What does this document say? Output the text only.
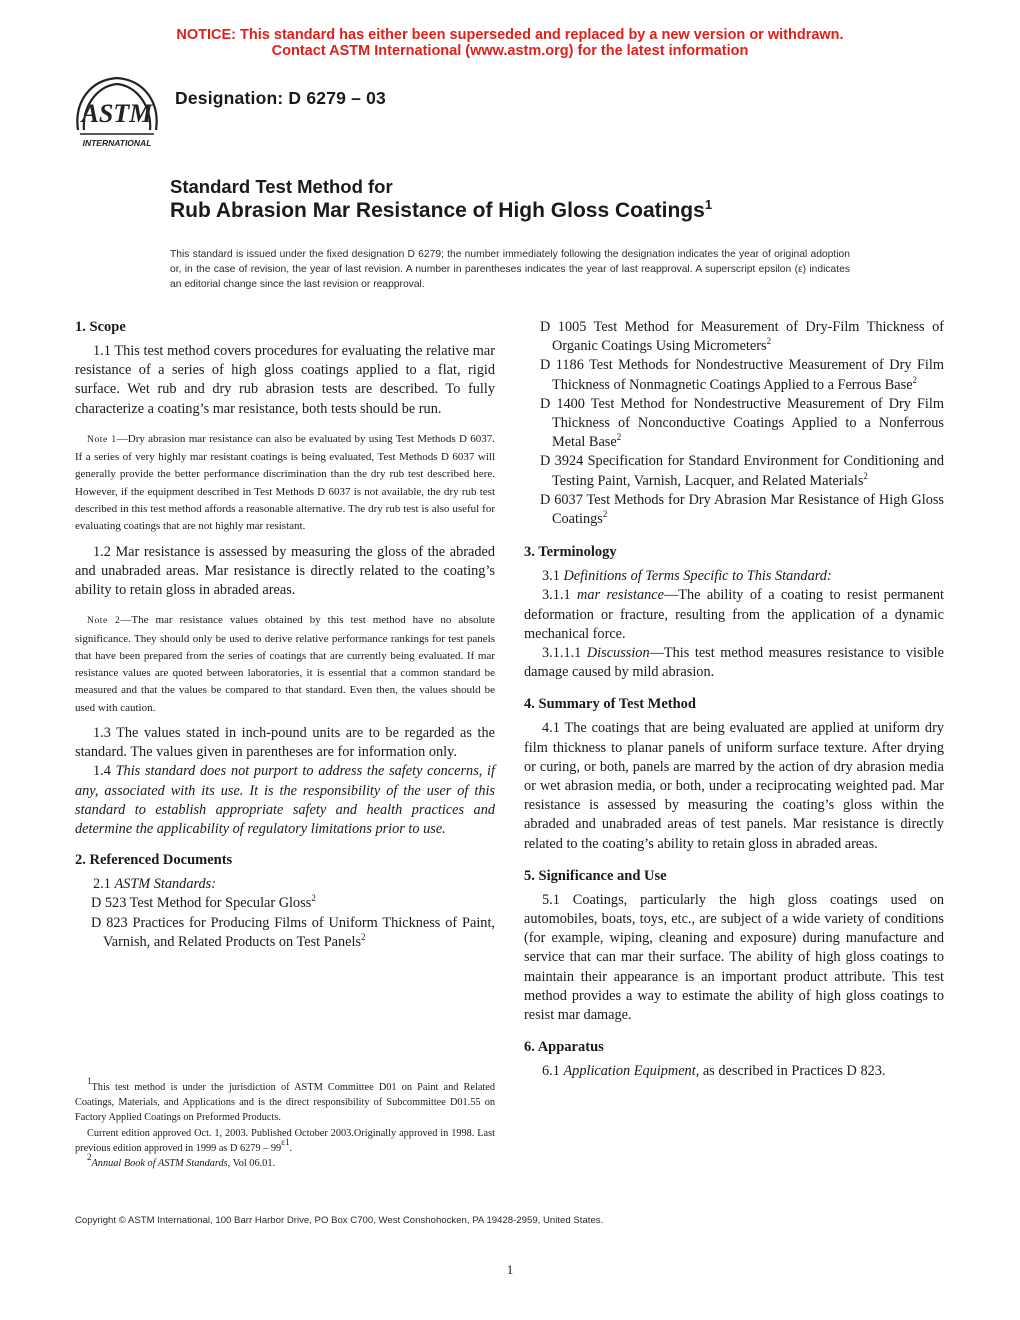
NOTICE: This standard has either been superseded and replaced by a new version or withdrawn.
Contact ASTM International (www.astm.org) for the latest information
ASTM
INTERNATIONAL
Designation: D 6279 – 03
Standard Test Method for
Rub Abrasion Mar Resistance of High Gloss Coatings$^1$
This standard is issued under the fixed designation D 6279; the number immediately following the designation indicates the year of original adoption or, in the case of revision, the year of last revision. A number in parentheses indicates the year of last reapproval. A superscript epsilon (ε) indicates an editorial change since the last revision or reapproval.
1. Scope

1.1 This test method covers procedures for evaluating the relative mar resistance of a series of high gloss coatings applied to a flat, rigid surface. Wet rub and dry rub abrasion tests are described. To fully characterize a coating’s mar resistance, both tests should be run.

Note 1—Dry abrasion mar resistance can also be evaluated by using Test Methods D 6037. If a series of very highly mar resistant coatings is being evaluated, Test Methods D 6037 will generally provide the better performance discrimination than the dry rub test described here. However, if the equipment described in Test Methods D 6037 is not available, the dry rub test described in this test method affords a reasonable alternative. The dry rub test is also useful for evaluating coatings that are not highly mar resistant.

1.2 Mar resistance is assessed by measuring the gloss of the abraded and unabraded areas. Mar resistance is directly related to the coating’s ability to retain gloss in abraded areas.

Note 2—The mar resistance values obtained by this test method have no absolute significance. They should only be used to derive relative performance rankings for test panels that have been prepared from the series of coatings that are currently being evaluated. If mar resistance values are quoted between laboratories, it is essential that a common standard be measured and that the values be compared to that standard. Even then, the values should be used with caution.

1.3 The values stated in inch-pound units are to be regarded as the standard. The values given in parentheses are for information only.

1.4 This standard does not purport to address the safety concerns, if any, associated with its use. It is the responsibility of the user of this standard to establish appropriate safety and health practices and determine the applicability of regulatory limitations prior to use.

2. Referenced Documents

2.1 ASTM Standards:

D 523 Test Method for Specular Gloss$^2$

D 823 Practices for Producing Films of Uniform Thickness of Paint, Varnish, and Related Products on Test Panels$^2$

D 1005 Test Method for Measurement of Dry-Film Thickness of Organic Coatings Using Micrometers$^2$

D 1186 Test Methods for Nondestructive Measurement of Dry Film Thickness of Nonmagnetic Coatings Applied to a Ferrous Base$^2$

D 1400 Test Method for Nondestructive Measurement of Dry Film Thickness of Nonconductive Coatings Applied to a Nonferrous Metal Base$^2$

D 3924 Specification for Standard Environment for Conditioning and Testing Paint, Varnish, Lacquer, and Related Materials$^2$

D 6037 Test Methods for Dry Abrasion Mar Resistance of High Gloss Coatings$^2$

3. Terminology

3.1 Definitions of Terms Specific to This Standard:

3.1.1 mar resistance—The ability of a coating to resist permanent deformation or fracture, resulting from the application of a dynamic mechanical force.

3.1.1.1 Discussion—This test method measures resistance to visible damage caused by mild abrasion.

4. Summary of Test Method

4.1 The coatings that are being evaluated are applied at uniform dry film thickness to planar panels of uniform surface texture. After drying or curing, or both, panels are marred by the action of dry abrasion media or wet abrasion media, or both, under a reciprocating weighted pad. Mar resistance is assessed by measuring the coating’s gloss within the abraded and unabraded areas of test panels. Mar resistance is directly related to the coating’s ability to retain gloss in abraded areas.

5. Significance and Use

5.1 Coatings, particularly the high gloss coatings used on automobiles, boats, toys, etc., are subject of a wide variety of conditions (for example, wiping, cleaning and exposure) during manufacture and service that can mar their surface. The ability of high gloss coatings to maintain their appearance is an important product attribute. This test method provides a way to estimate the ability of high gloss coatings to resist mar damage.

6. Apparatus

6.1 Application Equipment, as described in Practices D 823.

$^1$This test method is under the jurisdiction of ASTM Committee D01 on Paint and Related Coatings, Materials, and Applications and is the direct responsibility of Subcommittee D01.55 on Factory Applied Coatings on Preformed Products.

Current edition approved Oct. 1, 2003. Published October 2003.Originally approved in 1998. Last previous edition approved in 1999 as D $6279 - 99^{\varepsilon 1}$.

$^2$Annual Book of ASTM Standards, Vol 06.01.

Copyright © ASTM International, 100 Barr Harbor Drive, PO Box C700, West Conshohocken, PA 19428-2959, United States.
1
